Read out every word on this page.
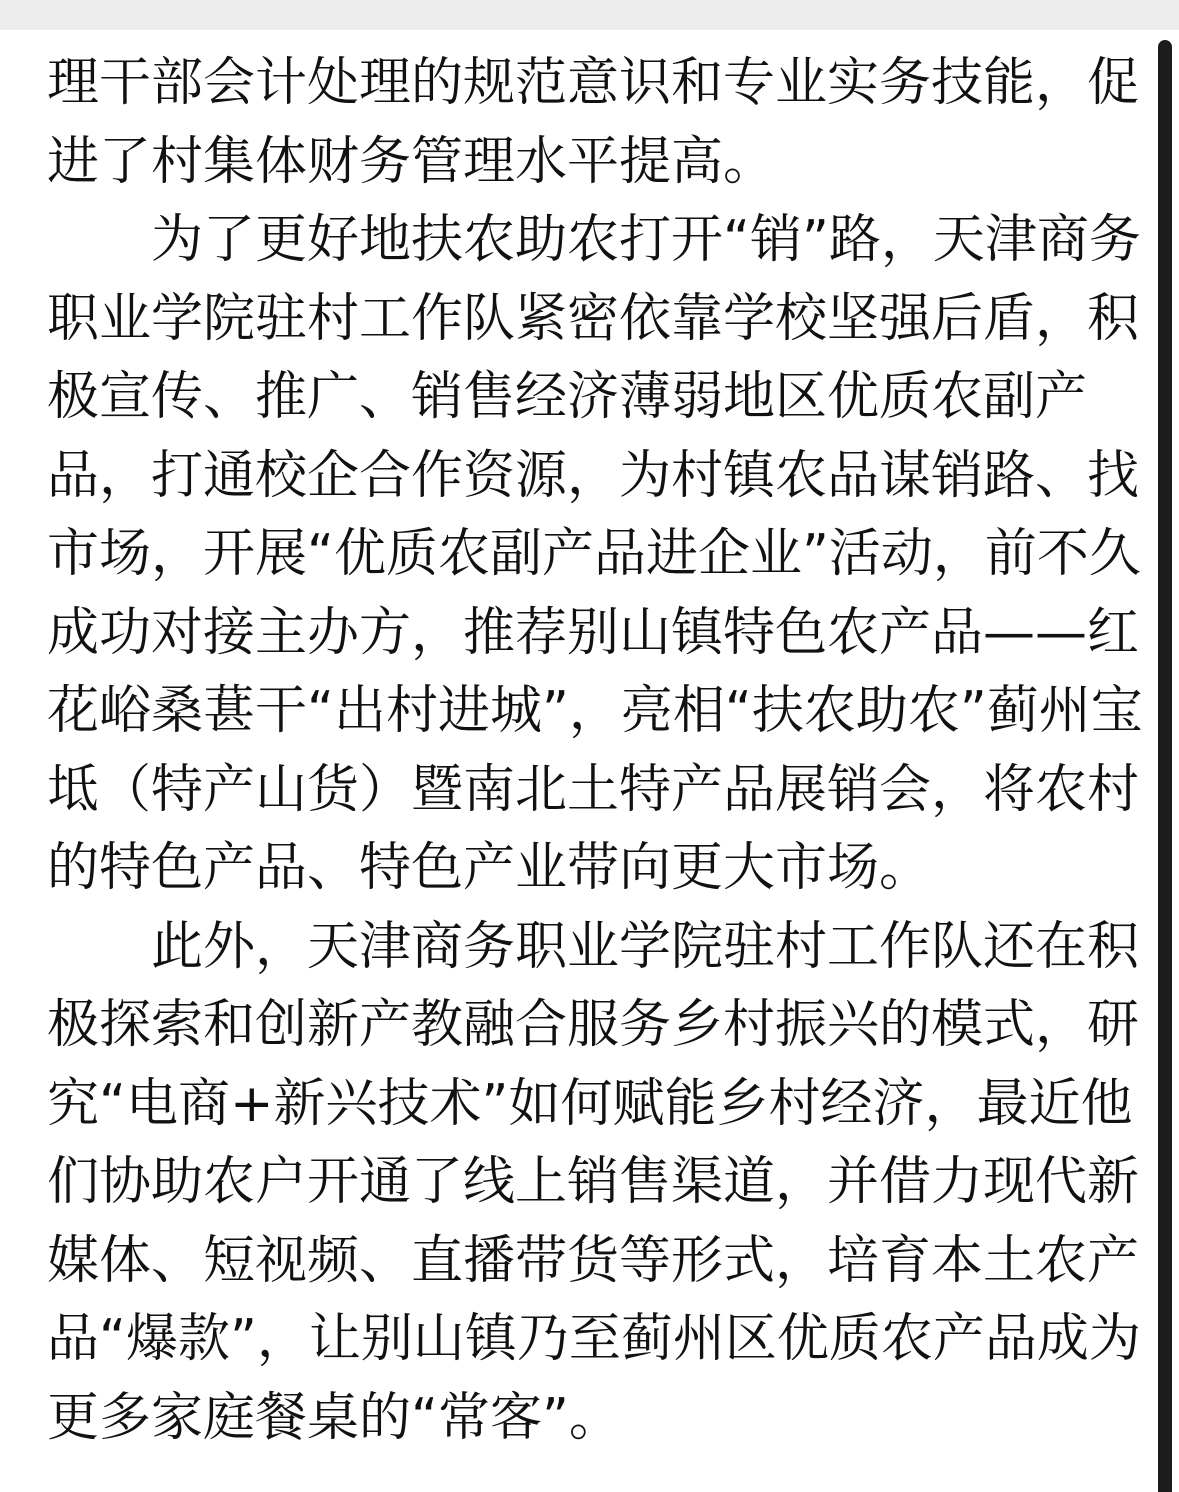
理干部会计处理的规范意识和专业实务技能，促
进了村集体财务管理水平提高。
为了更好地扶农助农打开“销”路，天津商务
职业学院驻村工作队紧密依靠学校坚强后盾，积
极宣传、推广、销售经济薄弱地区优质农副产
品，打通校企合作资源，为村镇农品谋销路、找
市场，开展“优质农副产品进企业”活动，前不久
成功对接主办方，推荐别山镇特色农产品——红
花峪桑葚干“出村进城”，亮相“扶农助农”蓟州宝
坻（特产山货）暨南北土特产品展销会，将农村
的特色产品、特色产业带向更大市场。
此外，天津商务职业学院驻村工作队还在积
极探索和创新产教融合服务乡村振兴的模式，研
究“电商+新兴技术”如何赋能乡村经济，最近他
们协助农户开通了线上销售渠道，并借力现代新
媒体、短视频、直播带货等形式，培育本土农产
品“爆款”，让别山镇乃至蓟州区优质农产品成为
更多家庭餐桌的“常客”。
